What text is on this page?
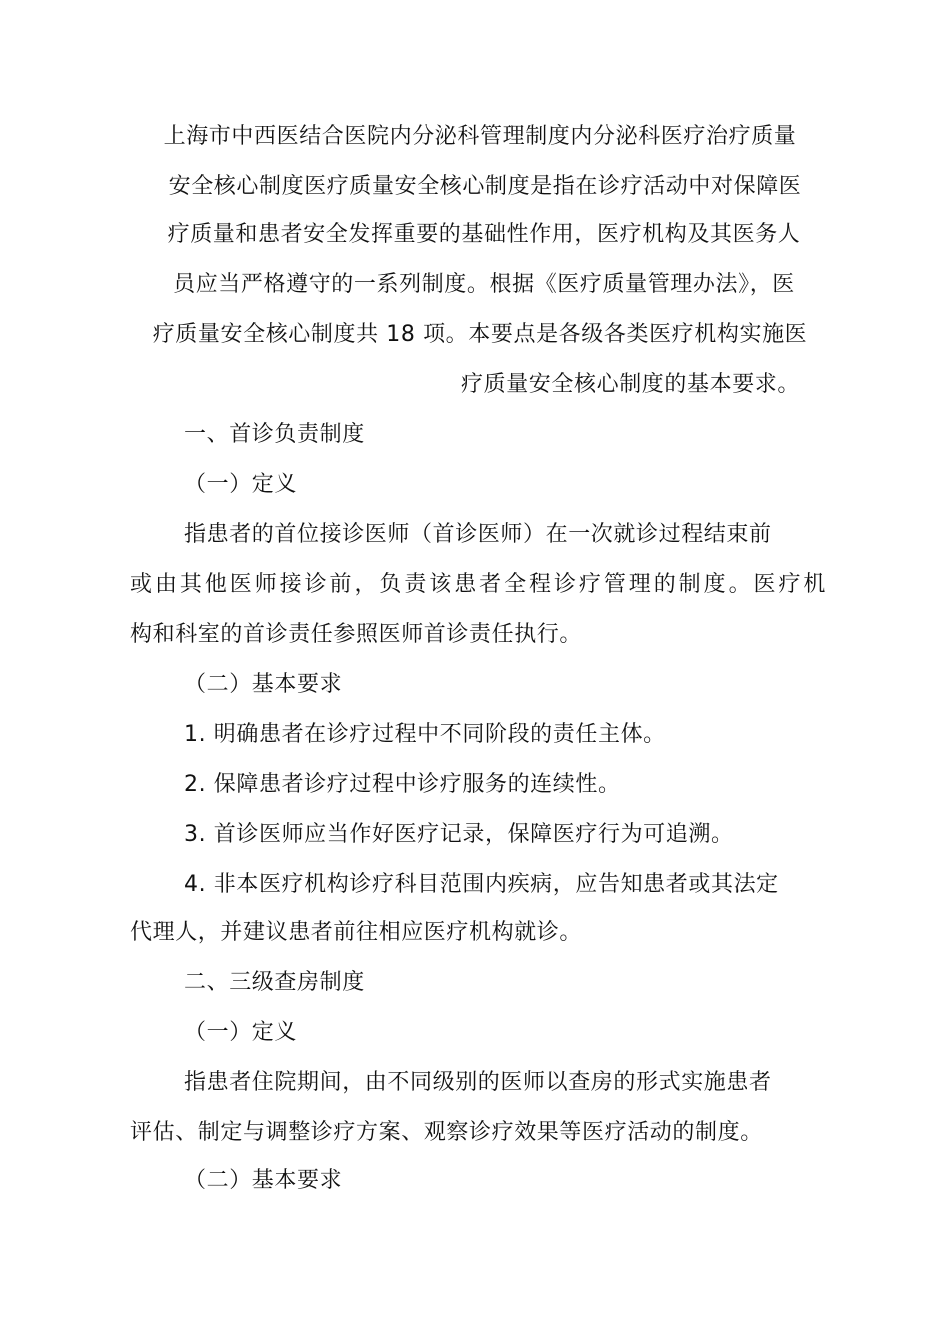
上海市中西医结合医院内分泌科管理制度内分泌科医疗治疗质量
安全核心制度医疗质量安全核心制度是指在诊疗活动中对保障医
疗质量和患者安全发挥重要的基础性作用，医疗机构及其医务人
员应当严格遵守的一系列制度。根据《医疗质量管理办法》，医
疗质量安全核心制度共 18 项。本要点是各级各类医疗机构实施医
疗质量安全核心制度的基本要求。
一、首诊负责制度
（一）定义
指患者的首位接诊医师（首诊医师）在一次就诊过程结束前
或由其他医师接诊前，负责该患者全程诊疗管理的制度。医疗机
构和科室的首诊责任参照医师首诊责任执行。
（二）基本要求
1. 明确患者在诊疗过程中不同阶段的责任主体。
2. 保障患者诊疗过程中诊疗服务的连续性。
3. 首诊医师应当作好医疗记录，保障医疗行为可追溯。
4. 非本医疗机构诊疗科目范围内疾病，应告知患者或其法定
代理人，并建议患者前往相应医疗机构就诊。
二、三级查房制度
（一）定义
指患者住院期间，由不同级别的医师以查房的形式实施患者
评估、制定与调整诊疗方案、观察诊疗效果等医疗活动的制度。
（二）基本要求
